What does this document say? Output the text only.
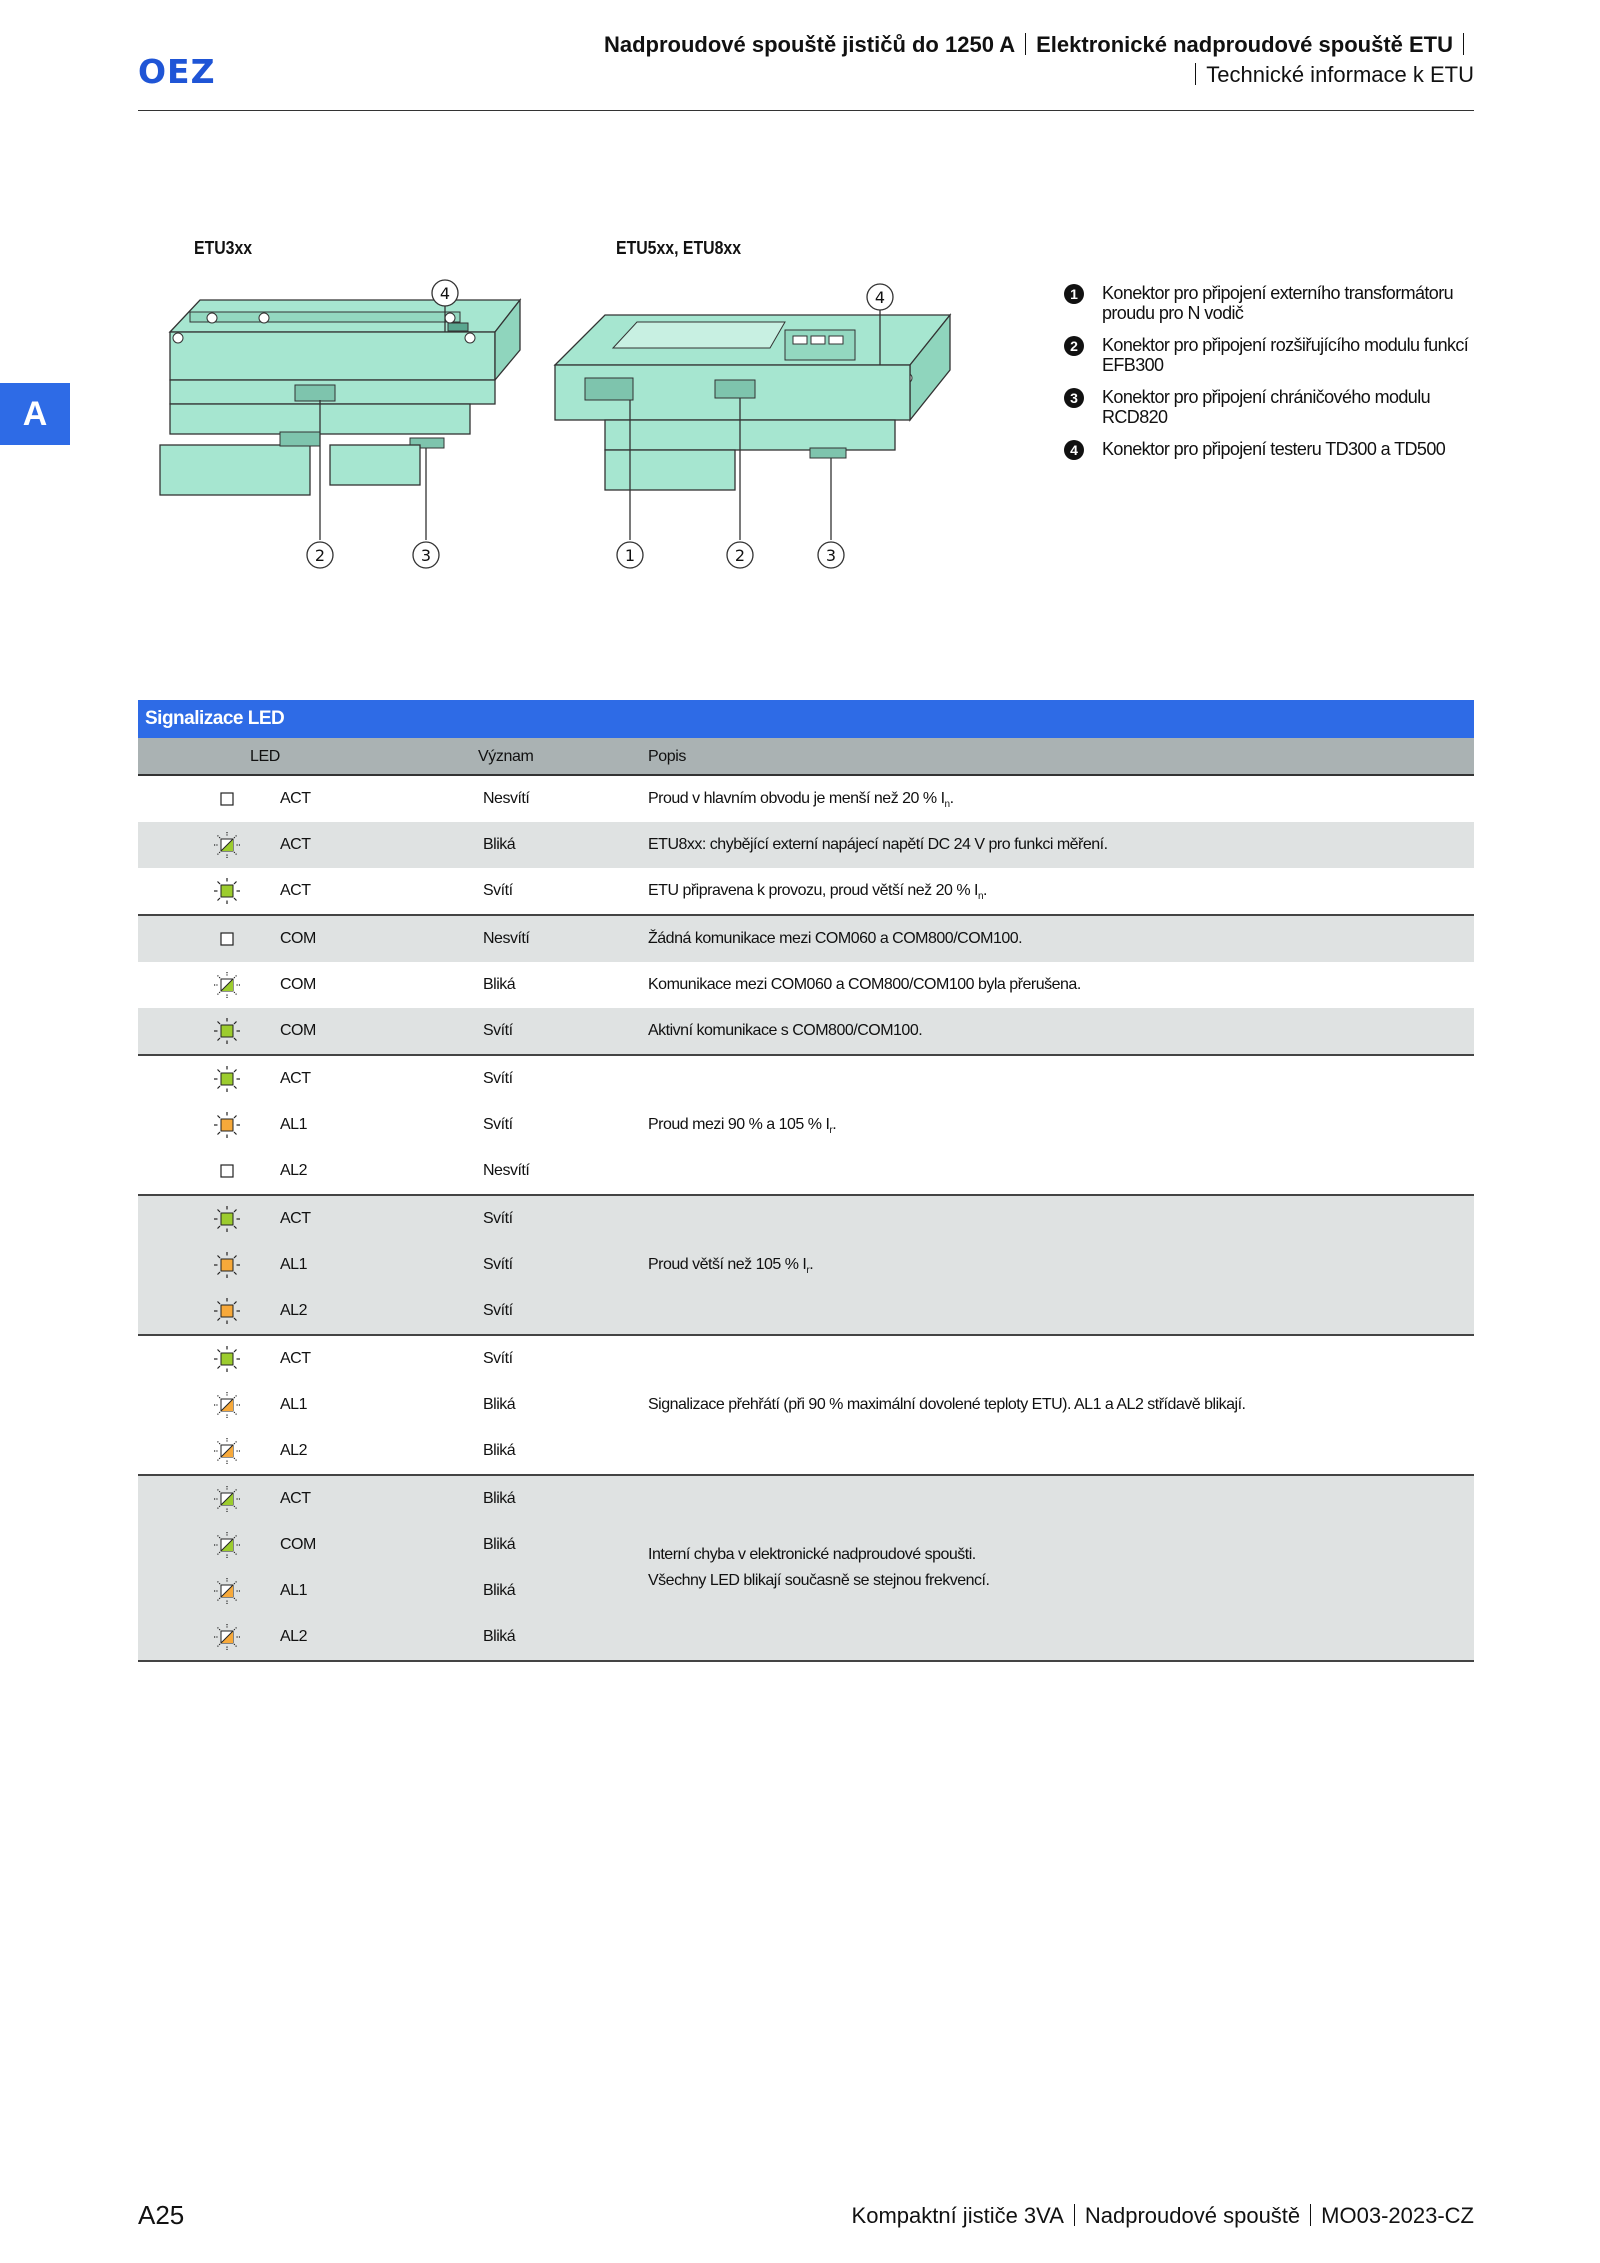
OEZ
Nadproudové spouště jističů do 1250 A Elektronické nadproudové spouště ETU
Technické informace k ETU
A
ETU3xx	ETU5xx, ETU8xx
4
2	3
4
1	2	3
1	Konektor pro připojení externího transformátoru proudu pro N vodič
2	Konektor pro připojení rozšiřujícího modulu funkcí EFB300
3	Konektor pro připojení chráničového modulu RCD820
4	Konektor pro připojení testeru TD300 a TD500
Signalizace LED
LED	Význam	Popis
ACT	Nesvítí	Proud v hlavním obvodu je menší než 20 % $I_n$.
ACT	Bliká	ETU8xx: chybějící externí napájecí napětí DC 24 V pro funkci měření.
ACT	Svítí	ETU připravena k provozu, proud větší než 20 % $I_n$.
COM	Nesvítí	Žádná komunikace mezi COM060 a COM800/COM100.
COM	Bliká	Komunikace mezi COM060 a COM800/COM100 byla přerušena.
COM	Svítí	Aktivní komunikace s COM800/COM100.
ACT	Svítí
AL1	Svítí
AL2	Nesvítí
Proud mezi 90 % a 105 % $I_r$.
ACT	Svítí
AL1	Svítí
AL2	Svítí
Proud větší než 105 % $I_r$.
ACT	Svítí
AL1	Bliká
AL2	Bliká
Signalizace přehřátí (při 90 % maximální dovolené teploty ETU). AL1 a AL2 střídavě blikají.
ACT	Bliká
COM	Bliká
AL1	Bliká
AL2	Bliká
Interní chyba v elektronické nadproudové spoušti.
Všechny LED blikají současně se stejnou frekvencí.
A25	Kompaktní jističe 3VA Nadproudové spouště MO03-2023-CZ
